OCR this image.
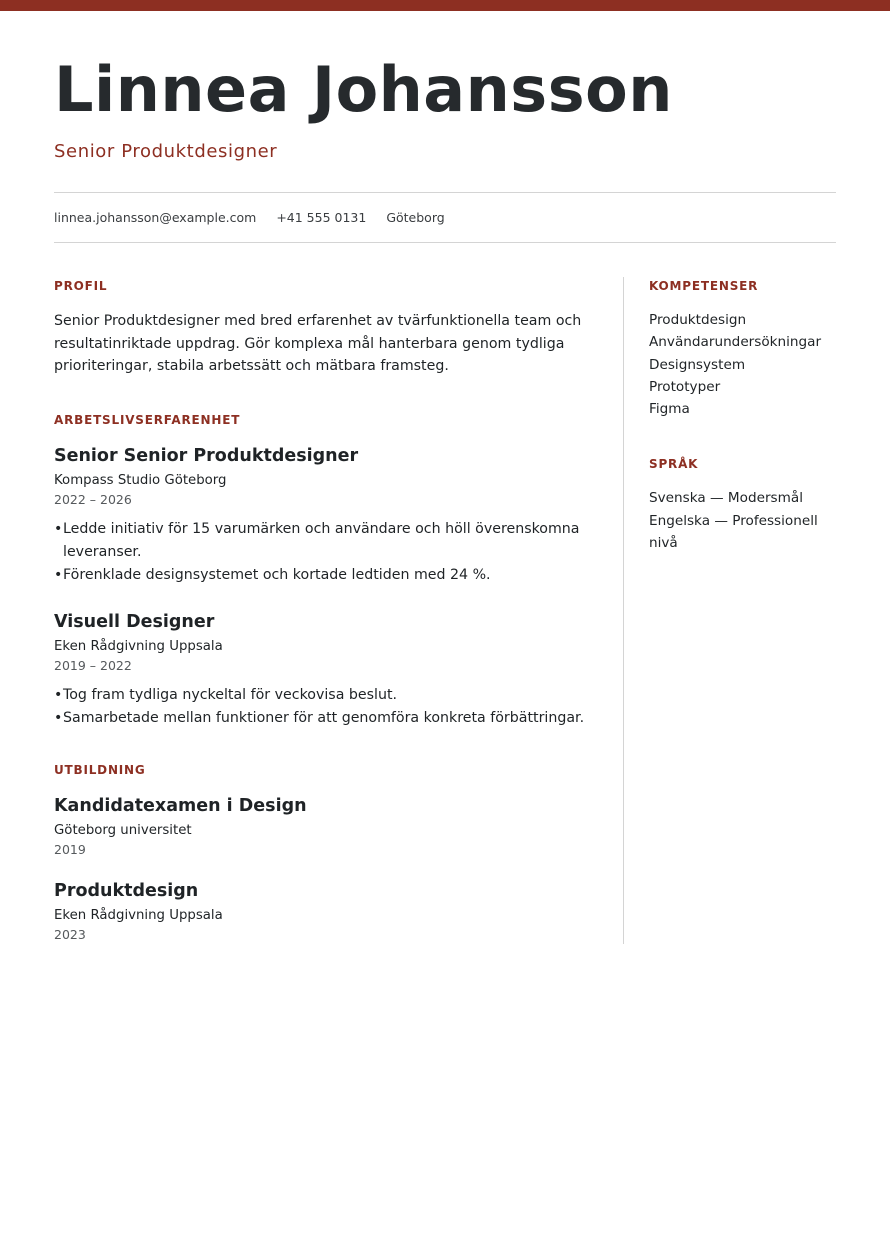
Linnea Johansson
Senior Produktdesigner
linnea.johansson@example.com +41 555 0131 Göteborg
PROFIL

Senior Produktdesigner med bred erfarenhet av tvärfunktionella team och resultatinriktade uppdrag. Gör komplexa mål hanterbara genom tydliga prioriteringar, stabila arbetssätt och mätbara framsteg.

ARBETSLIVSERFARENHET
Senior Senior Produktdesigner
Kompass Studio Göteborg
2022 – 2026
• Ledde initiativ för 15 varumärken och användare och höll överenskomna leveranser.
• Förenklade designsystemet och kortade ledtiden med 24 %.
Visuell Designer
Eken Rådgivning Uppsala
2019 – 2022
• Tog fram tydliga nyckeltal för veckovisa beslut.
• Samarbetade mellan funktioner för att genomföra konkreta förbättringar.
UTBILDNING
Kandidatexamen i Design
Göteborg universitet
2019
Produktdesign
Eken Rådgivning Uppsala
2023
KOMPETENSER
Produktdesign
Användarundersökningar
Designsystem
Prototyper
Figma
SPRÅK
Svenska — Modersmål
Engelska — Professionell nivå
